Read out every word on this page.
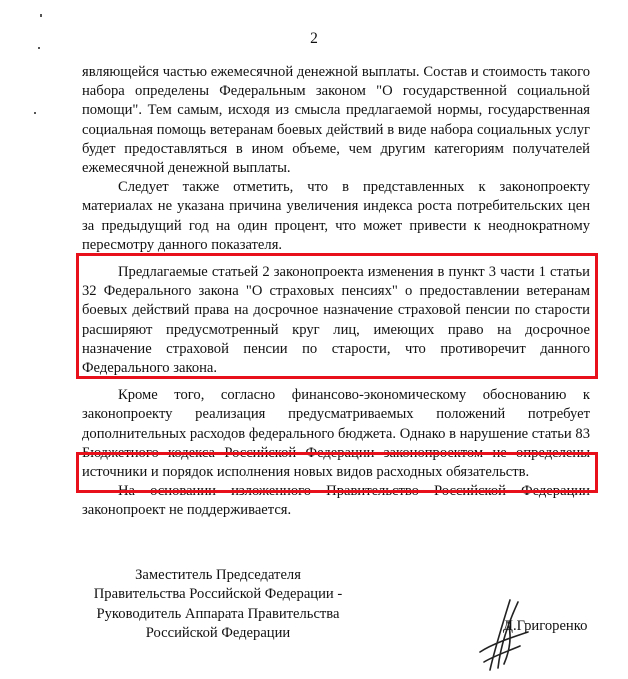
2

являющейся частью ежемесячной денежной выплаты. Состав и стоимость такого набора определены Федеральным законом "О государственной социальной помощи". Тем самым, исходя из смысла предлагаемой нормы, государственная социальная помощь ветеранам боевых действий в виде набора социальных услуг будет предоставляться в ином объеме, чем другим категориям получателей ежемесячной денежной выплаты.

Следует также отметить, что в представленных к законопроекту материалах не указана причина увеличения индекса роста потребительских цен за предыдущий год на один процент, что может привести к неоднократному пересмотру данного показателя.

Предлагаемые статьей 2 законопроекта изменения в пункт 3 части 1 статьи 32 Федерального закона "О страховых пенсиях" о предоставлении ветеранам боевых действий права на досрочное назначение страховой пенсии по старости расширяют предусмотренный круг лиц, имеющих право на досрочное назначение страховой пенсии по старости, что противоречит данного Федерального закона.

Кроме того, согласно финансово-экономическому обоснованию к законопроекту реализация предусматриваемых положений потребует дополнительных расходов федерального бюджета. Однако в нарушение статьи 83 Бюджетного кодекса Российской Федерации законопроектом не определены источники и порядок исполнения новых видов расходных обязательств.

На основании изложенного Правительство Российской Федерации законопроект не поддерживается.

Заместитель Председателя
Правительства Российской Федерации -
Руководитель Аппарата Правительства
Российской Федерации	Д.Григоренко
